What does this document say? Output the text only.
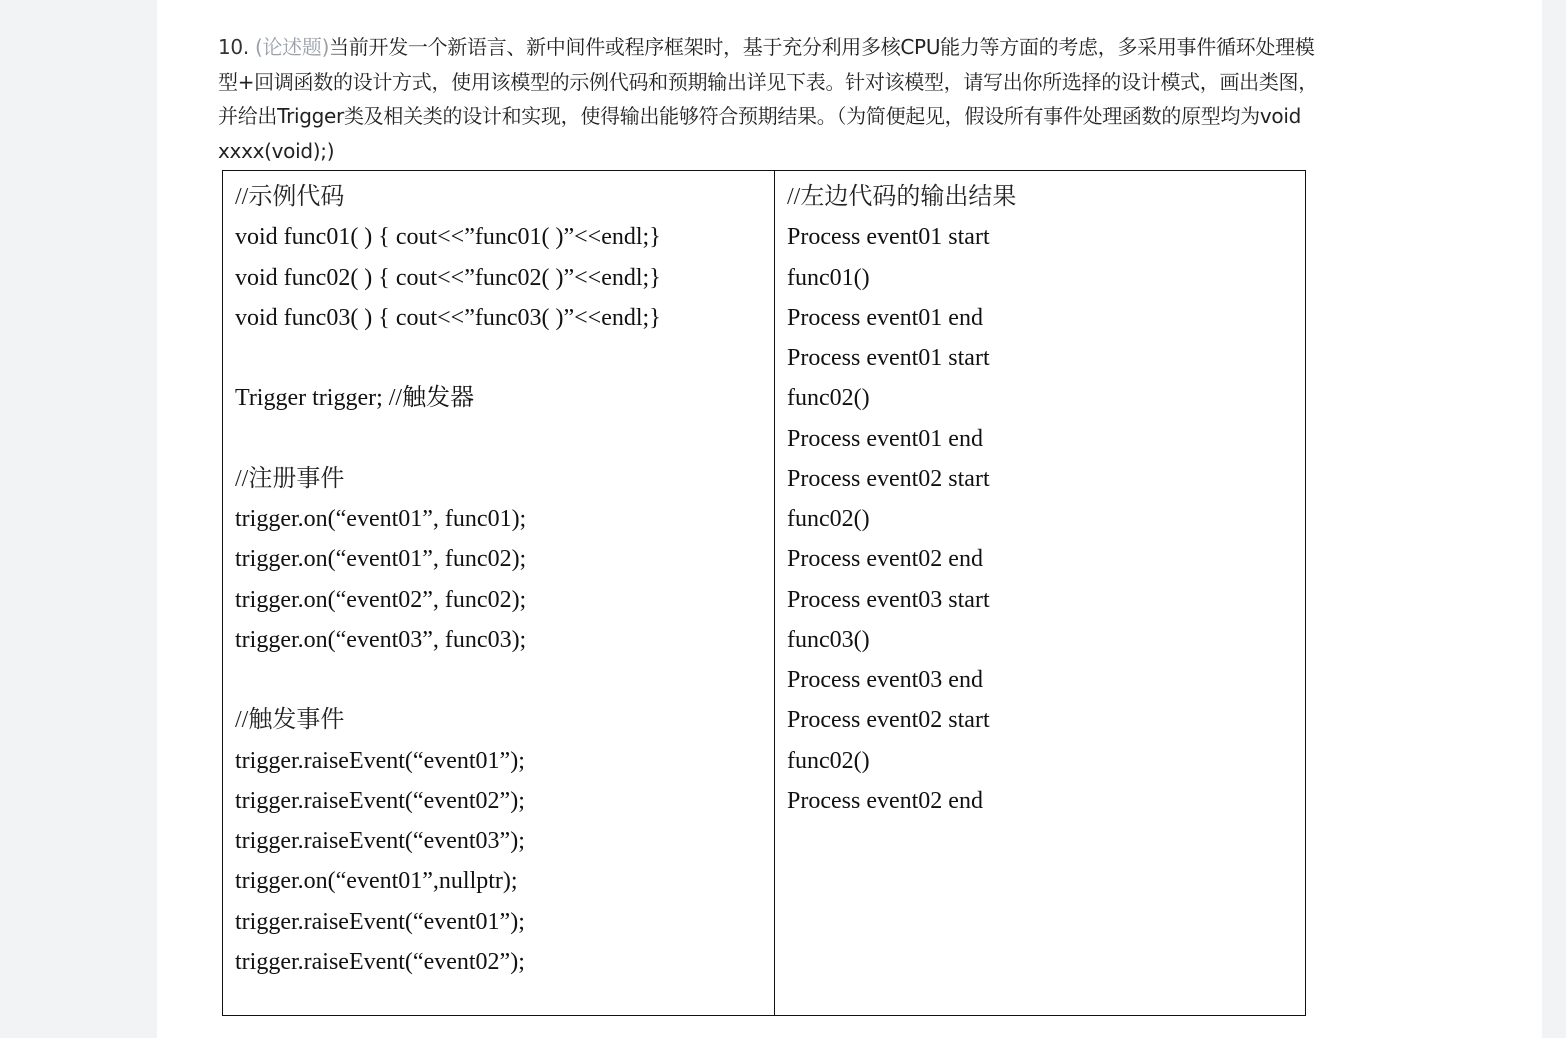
10. (论述题)当前开发一个新语言、新中间件或程序框架时，基于充分利用多核CPU能力等方面的考虑，多采用事件循环处理模型+回调函数的设计方式，使用该模型的示例代码和预期输出详见下表。针对该模型，请写出你所选择的设计模式，画出类图，并给出Trigger类及相关类的设计和实现，使得输出能够符合预期结果。（为简便起见，假设所有事件处理函数的原型均为void xxxx(void);)
//示例代码
void func01( ) { cout<<”func01( )”<<endl;}
void func02( ) { cout<<”func02( )”<<endl;}
void func03( ) { cout<<”func03( )”<<endl;}
Trigger trigger; //触发器
//注册事件
trigger.on(“event01”, func01);
trigger.on(“event01”, func02);
trigger.on(“event02”, func02);
trigger.on(“event03”, func03);
//触发事件
trigger.raiseEvent(“event01”);
trigger.raiseEvent(“event02”);
trigger.raiseEvent(“event03”);
trigger.on(“event01”,nullptr);
trigger.raiseEvent(“event01”);
trigger.raiseEvent(“event02”);
//左边代码的输出结果
Process event01 start
func01()
Process event01 end
Process event01 start
func02()
Process event01 end
Process event02 start
func02()
Process event02 end
Process event03 start
func03()
Process event03 end
Process event02 start
func02()
Process event02 end
